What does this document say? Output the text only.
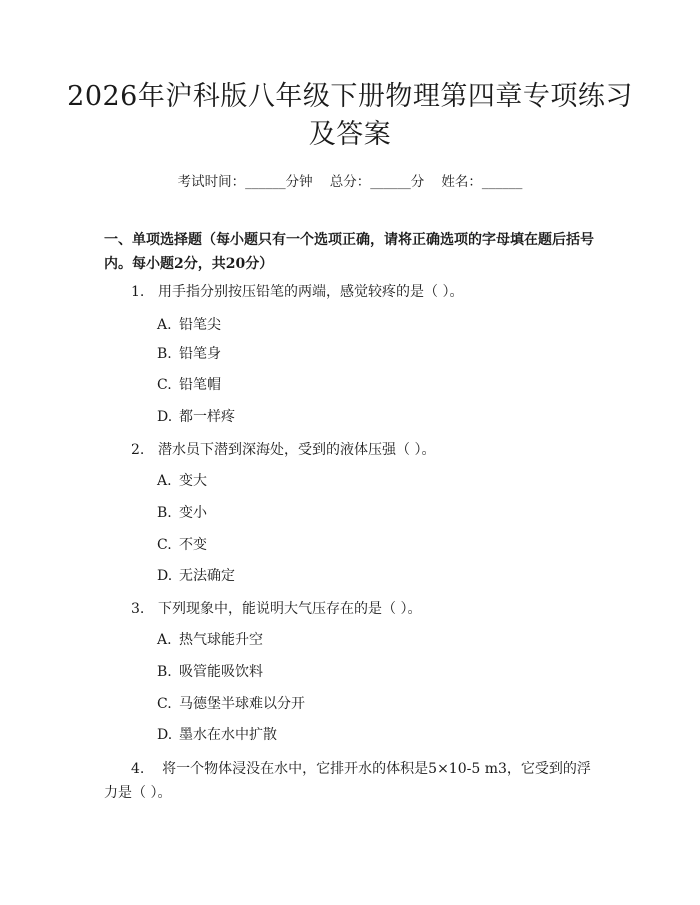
2026年沪科版八年级下册物理第四章专项练习及答案
考试时间：______分钟    总分：______分    姓名：______

一、单项选择题（每小题只有一个选项正确，请将正确选项的字母填在题后括号内。每小题2分，共20分）

1. 用手指分别按压铅笔的两端，感觉较疼的是（ ）。
A. 铅笔尖
B. 铅笔身
C. 铅笔帽
D. 都一样疼
2. 潜水员下潜到深海处，受到的液体压强（ ）。
A. 变大
B. 变小
C. 不变
D. 无法确定
3. 下列现象中，能说明大气压存在的是（ ）。
A. 热气球能升空
B. 吸管能吸饮料
C. 马德堡半球难以分开
D. 墨水在水中扩散
4. 将一个物体浸没在水中，它排开水的体积是5×10-5 m3，它受到的浮力是（ ）。
